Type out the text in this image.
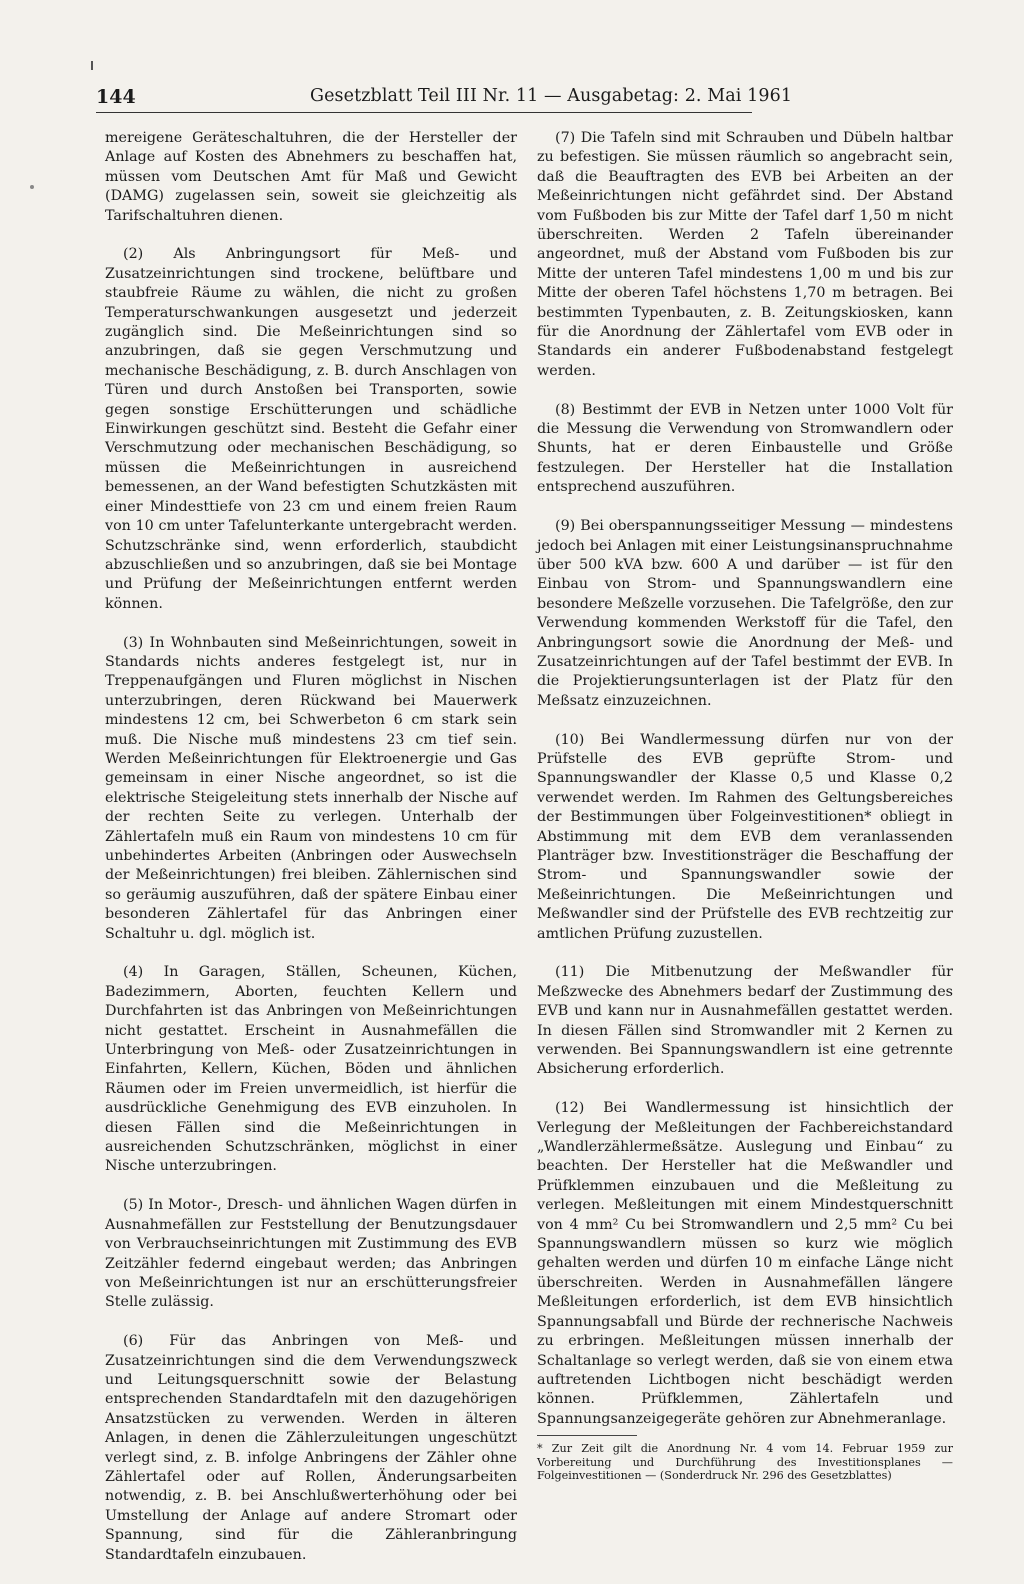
144	Gesetzblatt Teil III Nr. 11 — Ausgabetag: 2. Mai 1961

mereigene Geräteschaltuhren, die der Hersteller der Anlage auf Kosten des Abnehmers zu beschaffen hat, müssen vom Deutschen Amt für Maß und Gewicht (DAMG) zugelassen sein, soweit sie gleichzeitig als Tarifschaltuhren dienen.

(2) Als Anbringungsort für Meß- und Zusatzeinrichtungen sind trockene, belüftbare und staubfreie Räume zu wählen, die nicht zu großen Temperaturschwankungen ausgesetzt und jederzeit zugänglich sind. Die Meßeinrichtungen sind so anzubringen, daß sie gegen Verschmutzung und mechanische Beschädigung, z. B. durch Anschlagen von Türen und durch Anstoßen bei Transporten, sowie gegen sonstige Erschütterungen und schädliche Einwirkungen geschützt sind. Besteht die Gefahr einer Verschmutzung oder mechanischen Beschädigung, so müssen die Meßeinrichtungen in ausreichend bemessenen, an der Wand befestigten Schutzkästen mit einer Mindesttiefe von 23 cm und einem freien Raum von 10 cm unter Tafelunterkante untergebracht werden. Schutzschränke sind, wenn erforderlich, staubdicht abzuschließen und so anzubringen, daß sie bei Montage und Prüfung der Meßeinrichtungen entfernt werden können.

(3) In Wohnbauten sind Meßeinrichtungen, soweit in Standards nichts anderes festgelegt ist, nur in Treppenaufgängen und Fluren möglichst in Nischen unterzubringen, deren Rückwand bei Mauerwerk mindestens 12 cm, bei Schwerbeton 6 cm stark sein muß. Die Nische muß mindestens 23 cm tief sein. Werden Meßeinrichtungen für Elektroenergie und Gas gemeinsam in einer Nische angeordnet, so ist die elektrische Steigeleitung stets innerhalb der Nische auf der rechten Seite zu verlegen. Unterhalb der Zählertafeln muß ein Raum von mindestens 10 cm für unbehindertes Arbeiten (Anbringen oder Auswechseln der Meßeinrichtungen) frei bleiben. Zählernischen sind so geräumig auszuführen, daß der spätere Einbau einer besonderen Zählertafel für das Anbringen einer Schaltuhr u. dgl. möglich ist.

(4) In Garagen, Ställen, Scheunen, Küchen, Badezimmern, Aborten, feuchten Kellern und Durchfahrten ist das Anbringen von Meßeinrichtungen nicht gestattet. Erscheint in Ausnahmefällen die Unterbringung von Meß- oder Zusatzeinrichtungen in Einfahrten, Kellern, Küchen, Böden und ähnlichen Räumen oder im Freien unvermeidlich, ist hierfür die ausdrückliche Genehmigung des EVB einzuholen. In diesen Fällen sind die Meßeinrichtungen in ausreichenden Schutzschränken, möglichst in einer Nische unterzubringen.

(5) In Motor-, Dresch- und ähnlichen Wagen dürfen in Ausnahmefällen zur Feststellung der Benutzungsdauer von Verbrauchseinrichtungen mit Zustimmung des EVB Zeitzähler federnd eingebaut werden; das Anbringen von Meßeinrichtungen ist nur an erschütterungsfreier Stelle zulässig.

(6) Für das Anbringen von Meß- und Zusatzeinrichtungen sind die dem Verwendungszweck und Leitungsquerschnitt sowie der Belastung entsprechenden Standardtafeln mit den dazugehörigen Ansatzstücken zu verwenden. Werden in älteren Anlagen, in denen die Zählerzuleitungen ungeschützt verlegt sind, z. B. infolge Anbringens der Zähler ohne Zählertafel oder auf Rollen, Änderungsarbeiten notwendig, z. B. bei Anschlußwerterhöhung oder bei Umstellung der Anlage auf andere Stromart oder Spannung, sind für die Zähleranbringung Standardtafeln einzubauen.

(7) Die Tafeln sind mit Schrauben und Dübeln haltbar zu befestigen. Sie müssen räumlich so angebracht sein, daß die Beauftragten des EVB bei Arbeiten an der Meßeinrichtungen nicht gefährdet sind. Der Abstand vom Fußboden bis zur Mitte der Tafel darf 1,50 m nicht überschreiten. Werden 2 Tafeln übereinander angeordnet, muß der Abstand vom Fußboden bis zur Mitte der unteren Tafel mindestens 1,00 m und bis zur Mitte der oberen Tafel höchstens 1,70 m betragen. Bei bestimmten Typenbauten, z. B. Zeitungskiosken, kann für die Anordnung der Zählertafel vom EVB oder in Standards ein anderer Fußbodenabstand festgelegt werden.

(8) Bestimmt der EVB in Netzen unter 1000 Volt für die Messung die Verwendung von Stromwandlern oder Shunts, hat er deren Einbaustelle und Größe festzulegen. Der Hersteller hat die Installation entsprechend auszuführen.

(9) Bei oberspannungsseitiger Messung — mindestens jedoch bei Anlagen mit einer Leistungsinanspruchnahme über 500 kVA bzw. 600 A und darüber — ist für den Einbau von Strom- und Spannungswandlern eine besondere Meßzelle vorzusehen. Die Tafelgröße, den zur Verwendung kommenden Werkstoff für die Tafel, den Anbringungsort sowie die Anordnung der Meß- und Zusatzeinrichtungen auf der Tafel bestimmt der EVB. In die Projektierungsunterlagen ist der Platz für den Meßsatz einzuzeichnen.

(10) Bei Wandlermessung dürfen nur von der Prüfstelle des EVB geprüfte Strom- und Spannungswandler der Klasse 0,5 und Klasse 0,2 verwendet werden. Im Rahmen des Geltungsbereiches der Bestimmungen über Folgeinvestitionen* obliegt in Abstimmung mit dem EVB dem veranlassenden Planträger bzw. Investitionsträger die Beschaffung der Strom- und Spannungswandler sowie der Meßeinrichtungen. Die Meßeinrichtungen und Meßwandler sind der Prüfstelle des EVB rechtzeitig zur amtlichen Prüfung zuzustellen.

(11) Die Mitbenutzung der Meßwandler für Meßzwecke des Abnehmers bedarf der Zustimmung des EVB und kann nur in Ausnahmefällen gestattet werden. In diesen Fällen sind Stromwandler mit 2 Kernen zu verwenden. Bei Spannungswandlern ist eine getrennte Absicherung erforderlich.

(12) Bei Wandlermessung ist hinsichtlich der Verlegung der Meßleitungen der Fachbereichstandard „Wandlerzählermeßsätze. Auslegung und Einbau“ zu beachten. Der Hersteller hat die Meßwandler und Prüfklemmen einzubauen und die Meßleitung zu verlegen. Meßleitungen mit einem Mindestquerschnitt von 4 mm² Cu bei Stromwandlern und 2,5 mm² Cu bei Spannungswandlern müssen so kurz wie möglich gehalten werden und dürfen 10 m einfache Länge nicht überschreiten. Werden in Ausnahmefällen längere Meßleitungen erforderlich, ist dem EVB hinsichtlich Spannungsabfall und Bürde der rechnerische Nachweis zu erbringen. Meßleitungen müssen innerhalb der Schaltanlage so verlegt werden, daß sie von einem etwa auftretenden Lichtbogen nicht beschädigt werden können. Prüfklemmen, Zählertafeln und Spannungsanzeigegeräte gehören zur Abnehmeranlage.

* Zur Zeit gilt die Anordnung Nr. 4 vom 14. Februar 1959 zur Vorbereitung und Durchführung des Investitionsplanes — Folgeinvestitionen — (Sonderdruck Nr. 296 des Gesetzblattes)
